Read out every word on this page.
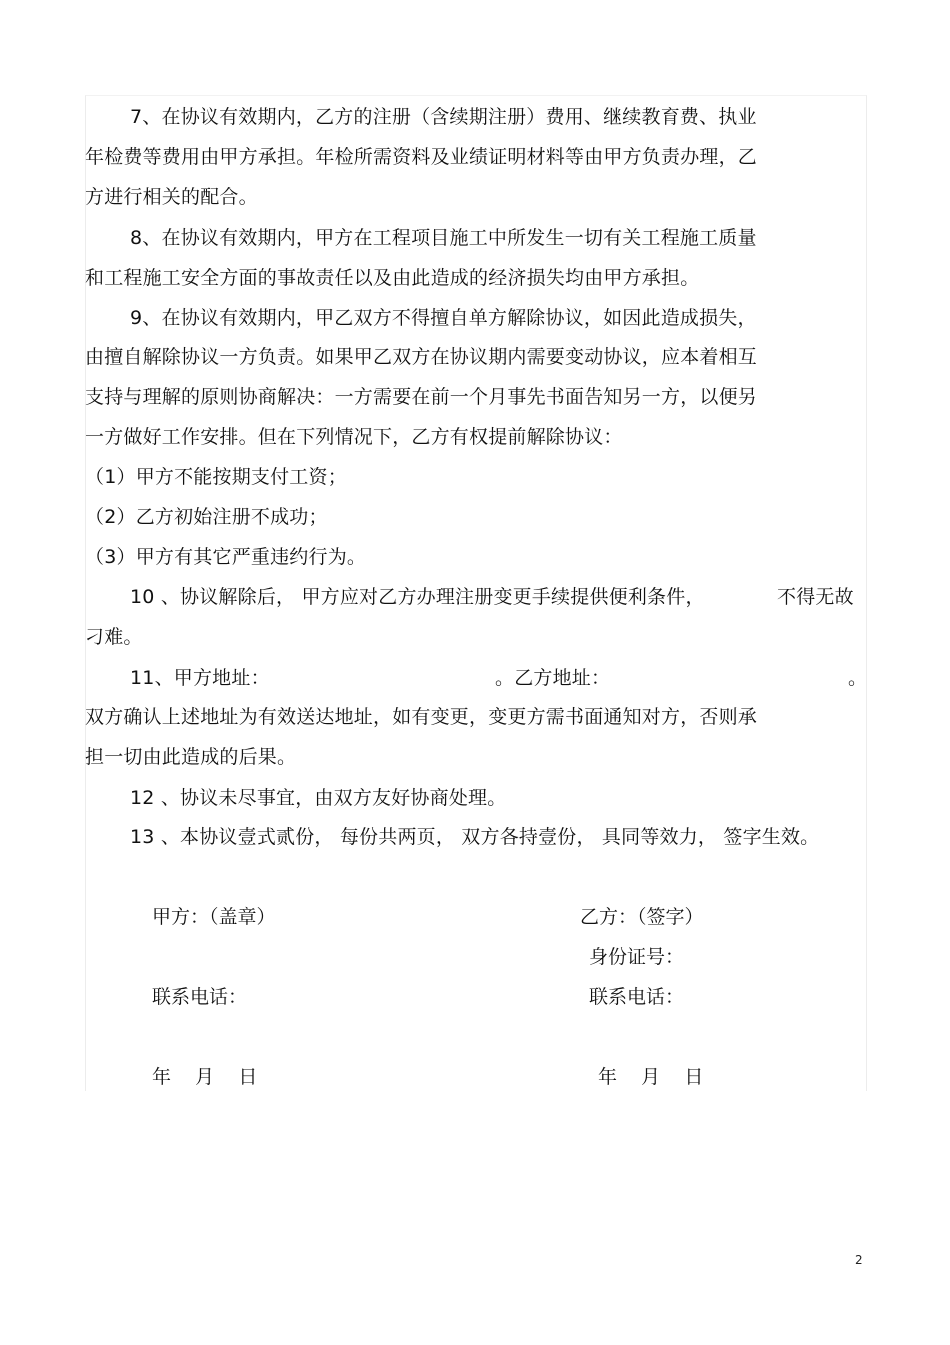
7、在协议有效期内，乙方的注册（含续期注册）费用、继续教育费、执业
年检费等费用由甲方承担。年检所需资料及业绩证明材料等由甲方负责办理，乙
方进行相关的配合。
8、在协议有效期内，甲方在工程项目施工中所发生一切有关工程施工质量
和工程施工安全方面的事故责任以及由此造成的经济损失均由甲方承担。
9、在协议有效期内，甲乙双方不得擅自单方解除协议，如因此造成损失，
由擅自解除协议一方负责。如果甲乙双方在协议期内需要变动协议，应本着相互
支持与理解的原则协商解决：一方需要在前一个月事先书面告知另一方，以便另
一方做好工作安排。但在下列情况下，乙方有权提前解除协议：
（1）甲方不能按期支付工资；
（2）乙方初始注册不成功；
（3）甲方有其它严重违约行为。
10 、协议解除后， 甲方应对乙方办理注册变更手续提供便利条件，	不得无故
刁难。
11、甲方地址：	。乙方地址：	。
双方确认上述地址为有效送达地址，如有变更，变更方需书面通知对方，否则承
担一切由此造成的后果。
12 、协议未尽事宜，由双方友好协商处理。
13 、本协议壹式贰份， 每份共两页， 双方各持壹份， 具同等效力， 签字生效。
甲方：（盖章）	乙方：（签字）
身份证号：
联系电话：	联系电话：
年    月    日	年    月    日
2
